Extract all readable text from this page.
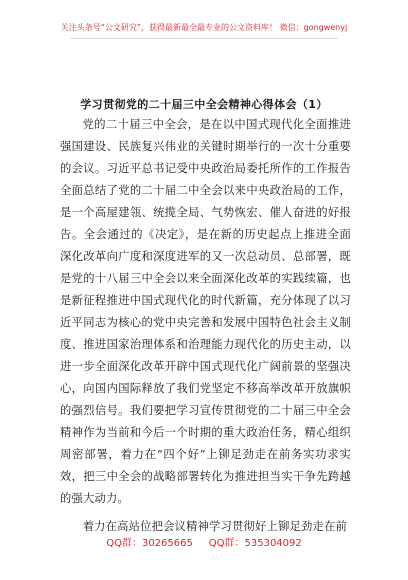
关注头条号“公文研究”，获得最新最全最专业的公文资料库！ 微信：gongwenyj
学习贯彻党的二十届三中全会精神心得体会（1）

党的二十届三中全会，是在以中国式现代化全面推进强国建设、民族复兴伟业的关键时期举行的一次十分重要的会议。习近平总书记受中央政治局委托所作的工作报告全面总结了党的二十届二中全会以来中央政治局的工作，是一个高屋建瓴、统揽全局、气势恢宏、催人奋进的好报告。全会通过的《决定》，是在新的历史起点上推进全面深化改革向广度和深度进军的又一次总动员、总部署，既是党的十八届三中全会以来全面深化改革的实践续篇，也是新征程推进中国式现代化的时代新篇，充分体现了以习近平同志为核心的党中央完善和发展中国特色社会主义制度、推进国家治理体系和治理能力现代化的历史主动，以进一步全面深化改革开辟中国式现代化广阔前景的坚强决心，向国内国际释放了我们党坚定不移高举改革开放旗帜的强烈信号。我们要把学习宣传贯彻党的二十届三中全会精神作为当前和今后一个时期的重大政治任务，精心组织周密部署，着力在“四个好”上铆足劲走在前务实功求实效，把三中全会的战略部署转化为推进担当实干争先跨越的强大动力。

着力在高站位把会议精神学习贯彻好上铆足劲走在前

QQ群：30265665     QQ群：535304092
